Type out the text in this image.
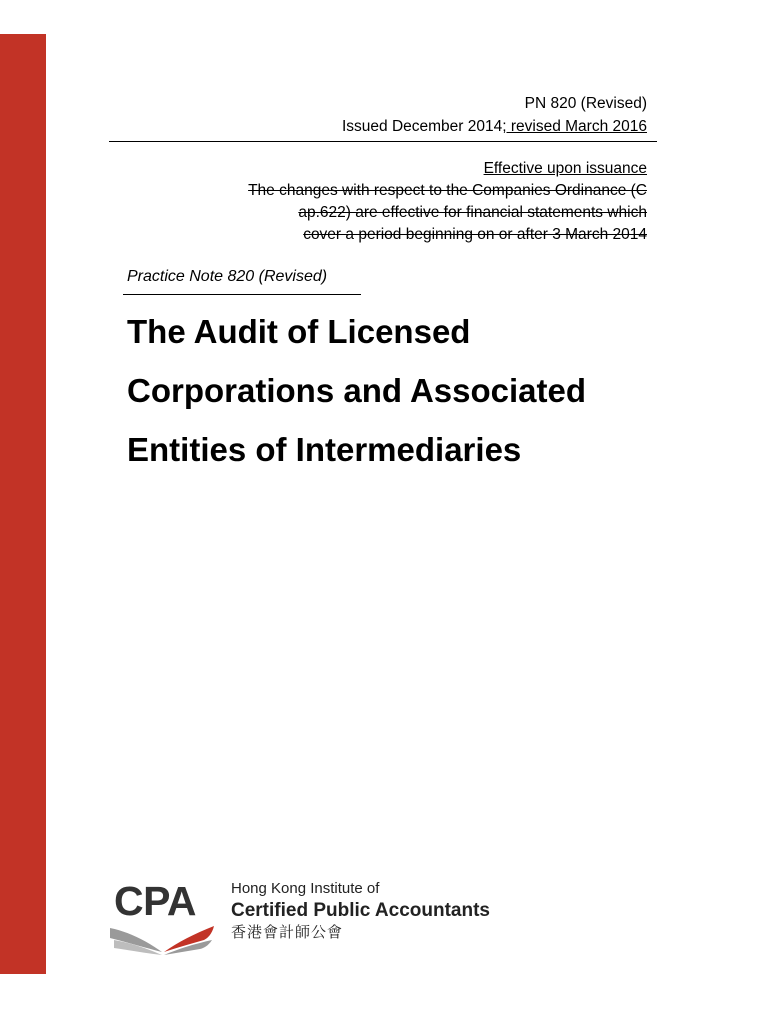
PN 820 (Revised)
Issued December 2014; revised March 2016
Effective upon issuance
The changes with respect to the Companies Ordinance (C
ap.622) are effective for financial statements which
cover a period beginning on or after 3 March 2014
Practice Note 820 (Revised)
The Audit of Licensed
Corporations and Associated
Entities of Intermediaries
CPA Hong Kong Institute of
Certified Public Accountants
香港會計師公會
